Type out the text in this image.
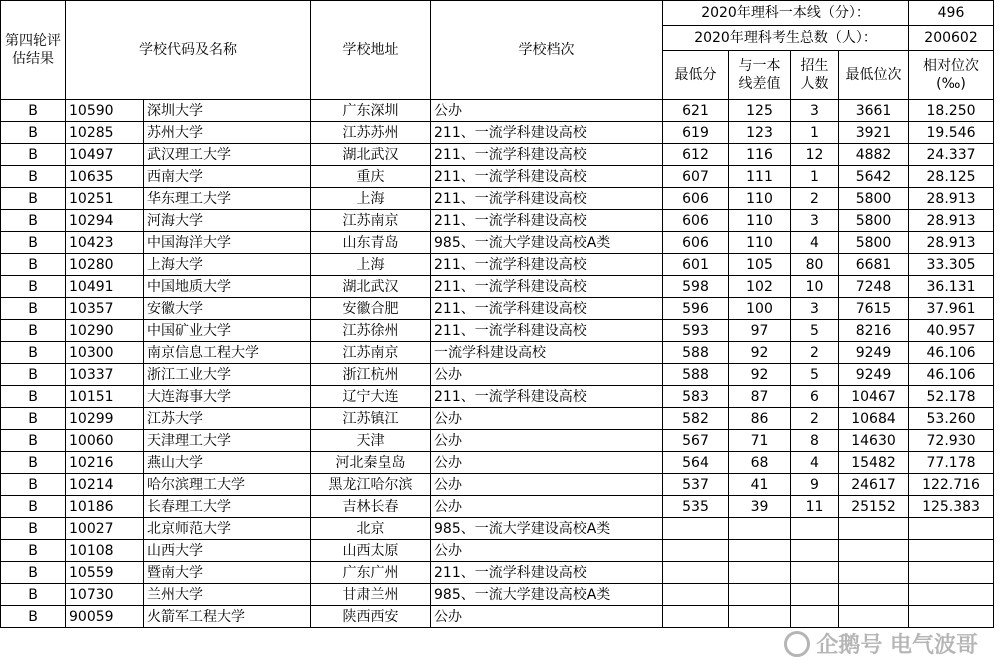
第四轮评估结果	学校代码及名称		学校地址	学校档次	2020年理科一本线（分）：				496
					2020年理科考生总数（人）：				200602
					最低分	与一本线差值	招生人数	最低位次	相对位次(‰)
B	10590	深圳大学	广东深圳	公办	621	125	3	3661	18.250
B	10285	苏州大学	江苏苏州	211、一流学科建设高校	619	123	1	3921	19.546
B	10497	武汉理工大学	湖北武汉	211、一流学科建设高校	612	116	12	4882	24.337
B	10635	西南大学	重庆	211、一流学科建设高校	607	111	1	5642	28.125
B	10251	华东理工大学	上海	211、一流学科建设高校	606	110	2	5800	28.913
B	10294	河海大学	江苏南京	211、一流学科建设高校	606	110	3	5800	28.913
B	10423	中国海洋大学	山东青岛	985、一流大学建设高校A类	606	110	4	5800	28.913
B	10280	上海大学	上海	211、一流学科建设高校	601	105	80	6681	33.305
B	10491	中国地质大学	湖北武汉	211、一流学科建设高校	598	102	10	7248	36.131
B	10357	安徽大学	安徽合肥	211、一流学科建设高校	596	100	3	7615	37.961
B	10290	中国矿业大学	江苏徐州	211、一流学科建设高校	593	97	5	8216	40.957
B	10300	南京信息工程大学	江苏南京	一流学科建设高校	588	92	2	9249	46.106
B	10337	浙江工业大学	浙江杭州	公办	588	92	5	9249	46.106
B	10151	大连海事大学	辽宁大连	211、一流学科建设高校	583	87	6	10467	52.178
B	10299	江苏大学	江苏镇江	公办	582	86	2	10684	53.260
B	10060	天津理工大学	天津	公办	567	71	8	14630	72.930
B	10216	燕山大学	河北秦皇岛	公办	564	68	4	15482	77.178
B	10214	哈尔滨理工大学	黑龙江哈尔滨	公办	537	41	9	24617	122.716
B	10186	长春理工大学	吉林长春	公办	535	39	11	25152	125.383
B	10027	北京师范大学	北京	985、一流大学建设高校A类					
B	10108	山西大学	山西太原	公办					
B	10559	暨南大学	广东广州	211、一流学科建设高校					
B	10730	兰州大学	甘肃兰州	985、一流大学建设高校A类					
B	90059	火箭军工程大学	陕西西安	公办					
企鹅号 电气波哥
